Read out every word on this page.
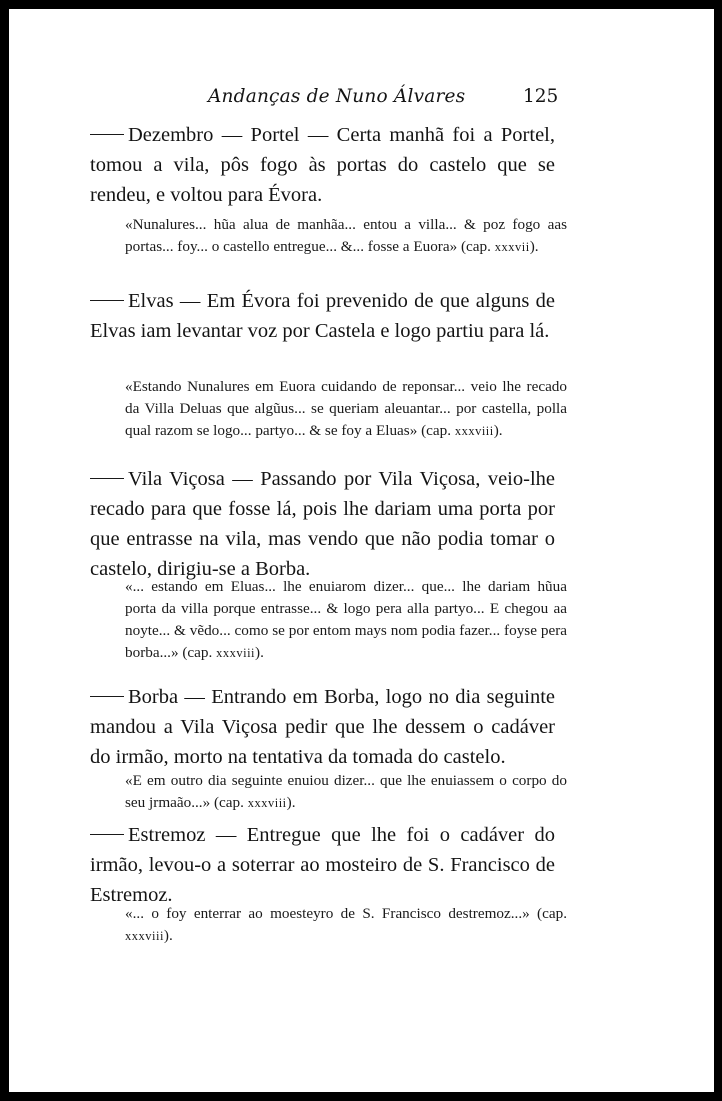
Andanças de Nuno Álvares	125

Dezembro — Portel — Certa manhã foi a Portel, tomou a vila, pôs fogo às portas do castelo que se rendeu, e voltou para Évora.

«Nunalures... hũa alua de manhãa... entou a villa... & poz fogo aas portas... foy... o castello entregue... &... fosse a Euora» (cap. xxxvii).

Elvas — Em Évora foi prevenido de que alguns de Elvas iam levantar voz por Castela e logo partiu para lá.

«Estando Nunalures em Euora cuidando de reponsar... veio lhe recado da Villa Deluas que algũus... se queriam aleuantar... por castella, polla qual razom se logo... partyo... & se foy a Eluas» (cap. xxxviii).

Vila Viçosa — Passando por Vila Viçosa, veio-lhe recado para que fosse lá, pois lhe dariam uma porta por que entrasse na vila, mas vendo que não podia tomar o castelo, dirigiu-se a Borba.

«... estando em Eluas... lhe enuiarom dizer... que... lhe dariam hũua porta da villa porque entrasse... & logo pera alla partyo... E chegou aa noyte... & vẽdo... como se por entom mays nom podia fazer... foyse pera borba...» (cap. xxxviii).

Borba — Entrando em Borba, logo no dia seguinte mandou a Vila Viçosa pedir que lhe dessem o cadáver do irmão, morto na tentativa da tomada do castelo.

«E em outro dia seguinte enuiou dizer... que lhe enuiassem o corpo do seu jrmaão...» (cap. xxxviii).

Estremoz — Entregue que lhe foi o cadáver do irmão, levou-o a soterrar ao mosteiro de S. Francisco de Estremoz.

«... o foy enterrar ao moesteyro de S. Francisco destremoz...» (cap. xxxviii).
